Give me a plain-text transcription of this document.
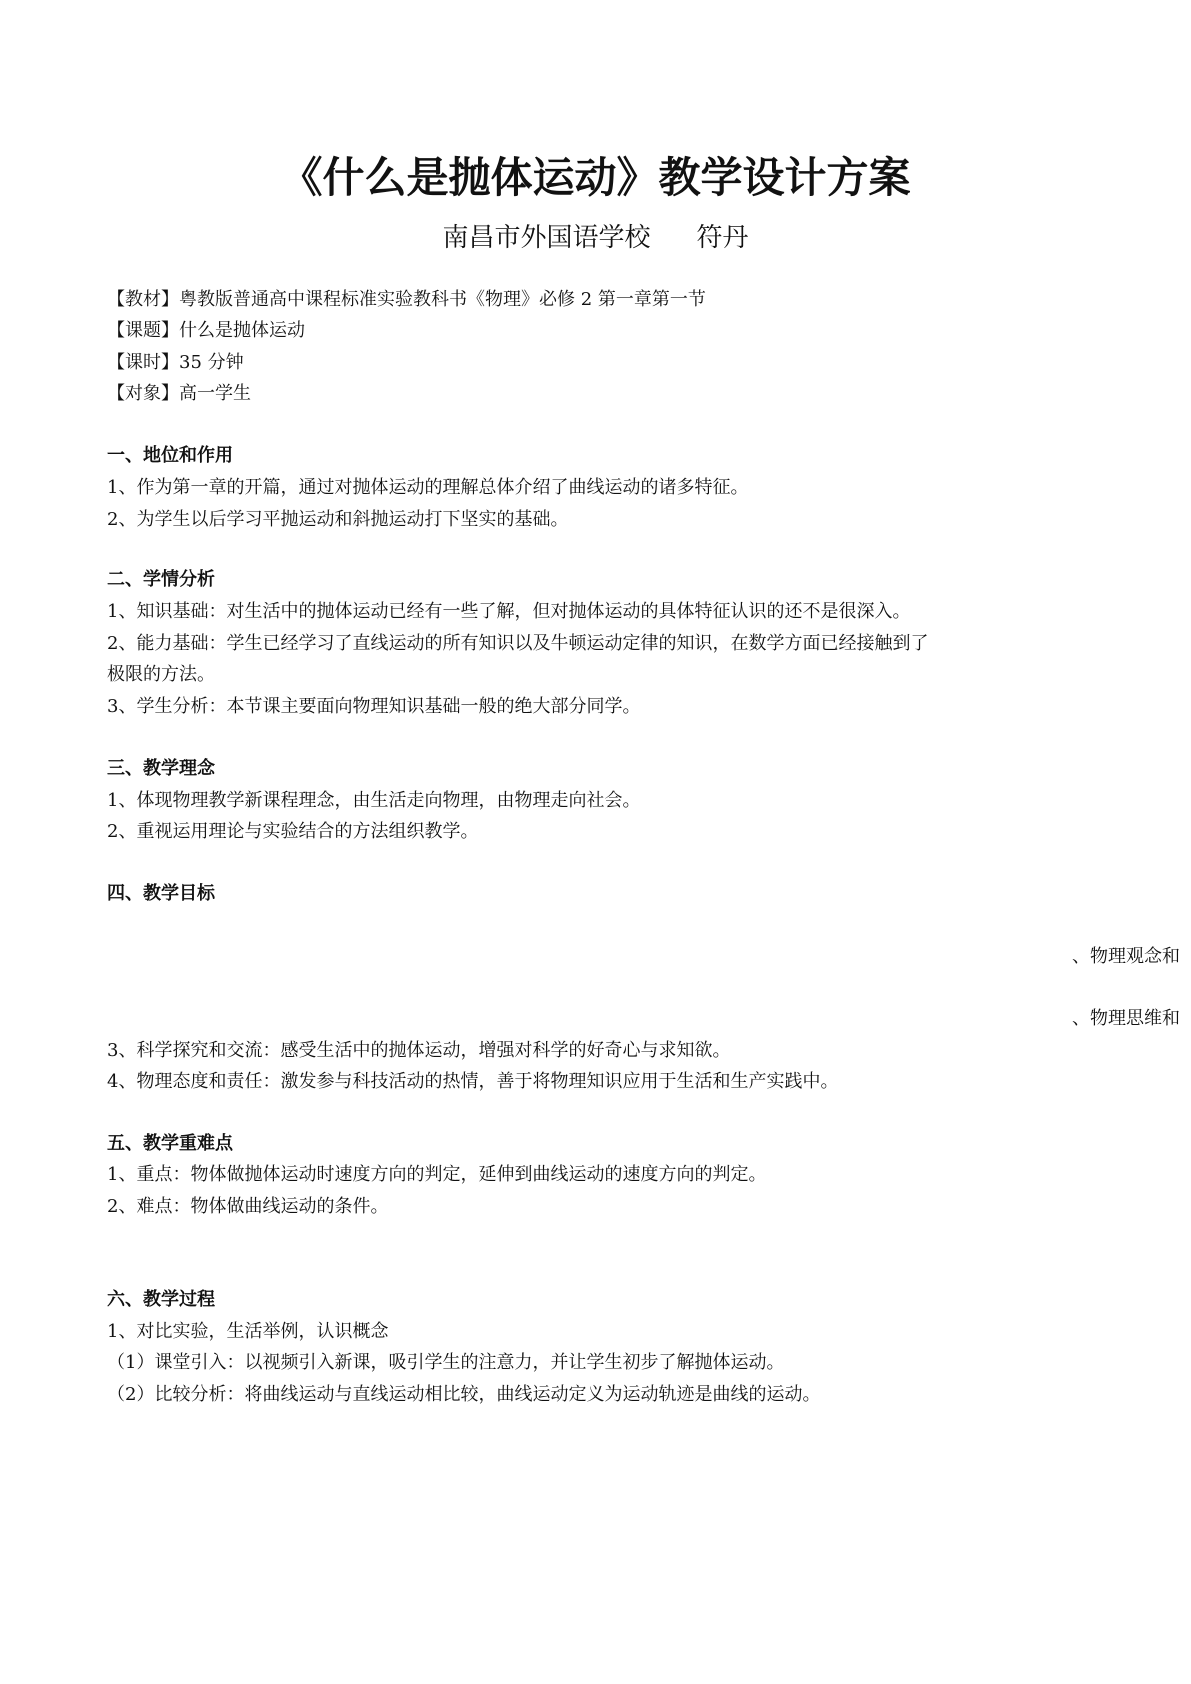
《什么是抛体运动》教学设计方案
南昌市外国语学校 符丹
【教材】粤教版普通高中课程标准实验教科书《物理》必修 2 第一章第一节
【课题】什么是抛体运动
【课时】35 分钟
【对象】高一学生
一、地位和作用
1、作为第一章的开篇，通过对抛体运动的理解总体介绍了曲线运动的诸多特征。
2、为学生以后学习平抛运动和斜抛运动打下坚实的基础。
二、学情分析
1、知识基础：对生活中的抛体运动已经有一些了解，但对抛体运动的具体特征认识的还不是很深入。
2、能力基础：学生已经学习了直线运动的所有知识以及牛顿运动定律的知识，在数学方面已经接触到了
极限的方法。
3、学生分析：本节课主要面向物理知识基础一般的绝大部分同学。
三、教学理念
1、体现物理教学新课程理念，由生活走向物理，由物理走向社会。
2、重视运用理论与实验结合的方法组织教学。
四、教学目标
、物理观念和
、物理思维和
3、科学探究和交流：感受生活中的抛体运动，增强对科学的好奇心与求知欲。
4、物理态度和责任：激发参与科技活动的热情，善于将物理知识应用于生活和生产实践中。
五、教学重难点
1、重点：物体做抛体运动时速度方向的判定，延伸到曲线运动的速度方向的判定。
2、难点：物体做曲线运动的条件。
六、教学过程
1、对比实验，生活举例，认识概念
（1）课堂引入：以视频引入新课，吸引学生的注意力，并让学生初步了解抛体运动。
（2）比较分析：将曲线运动与直线运动相比较，曲线运动定义为运动轨迹是曲线的运动。
